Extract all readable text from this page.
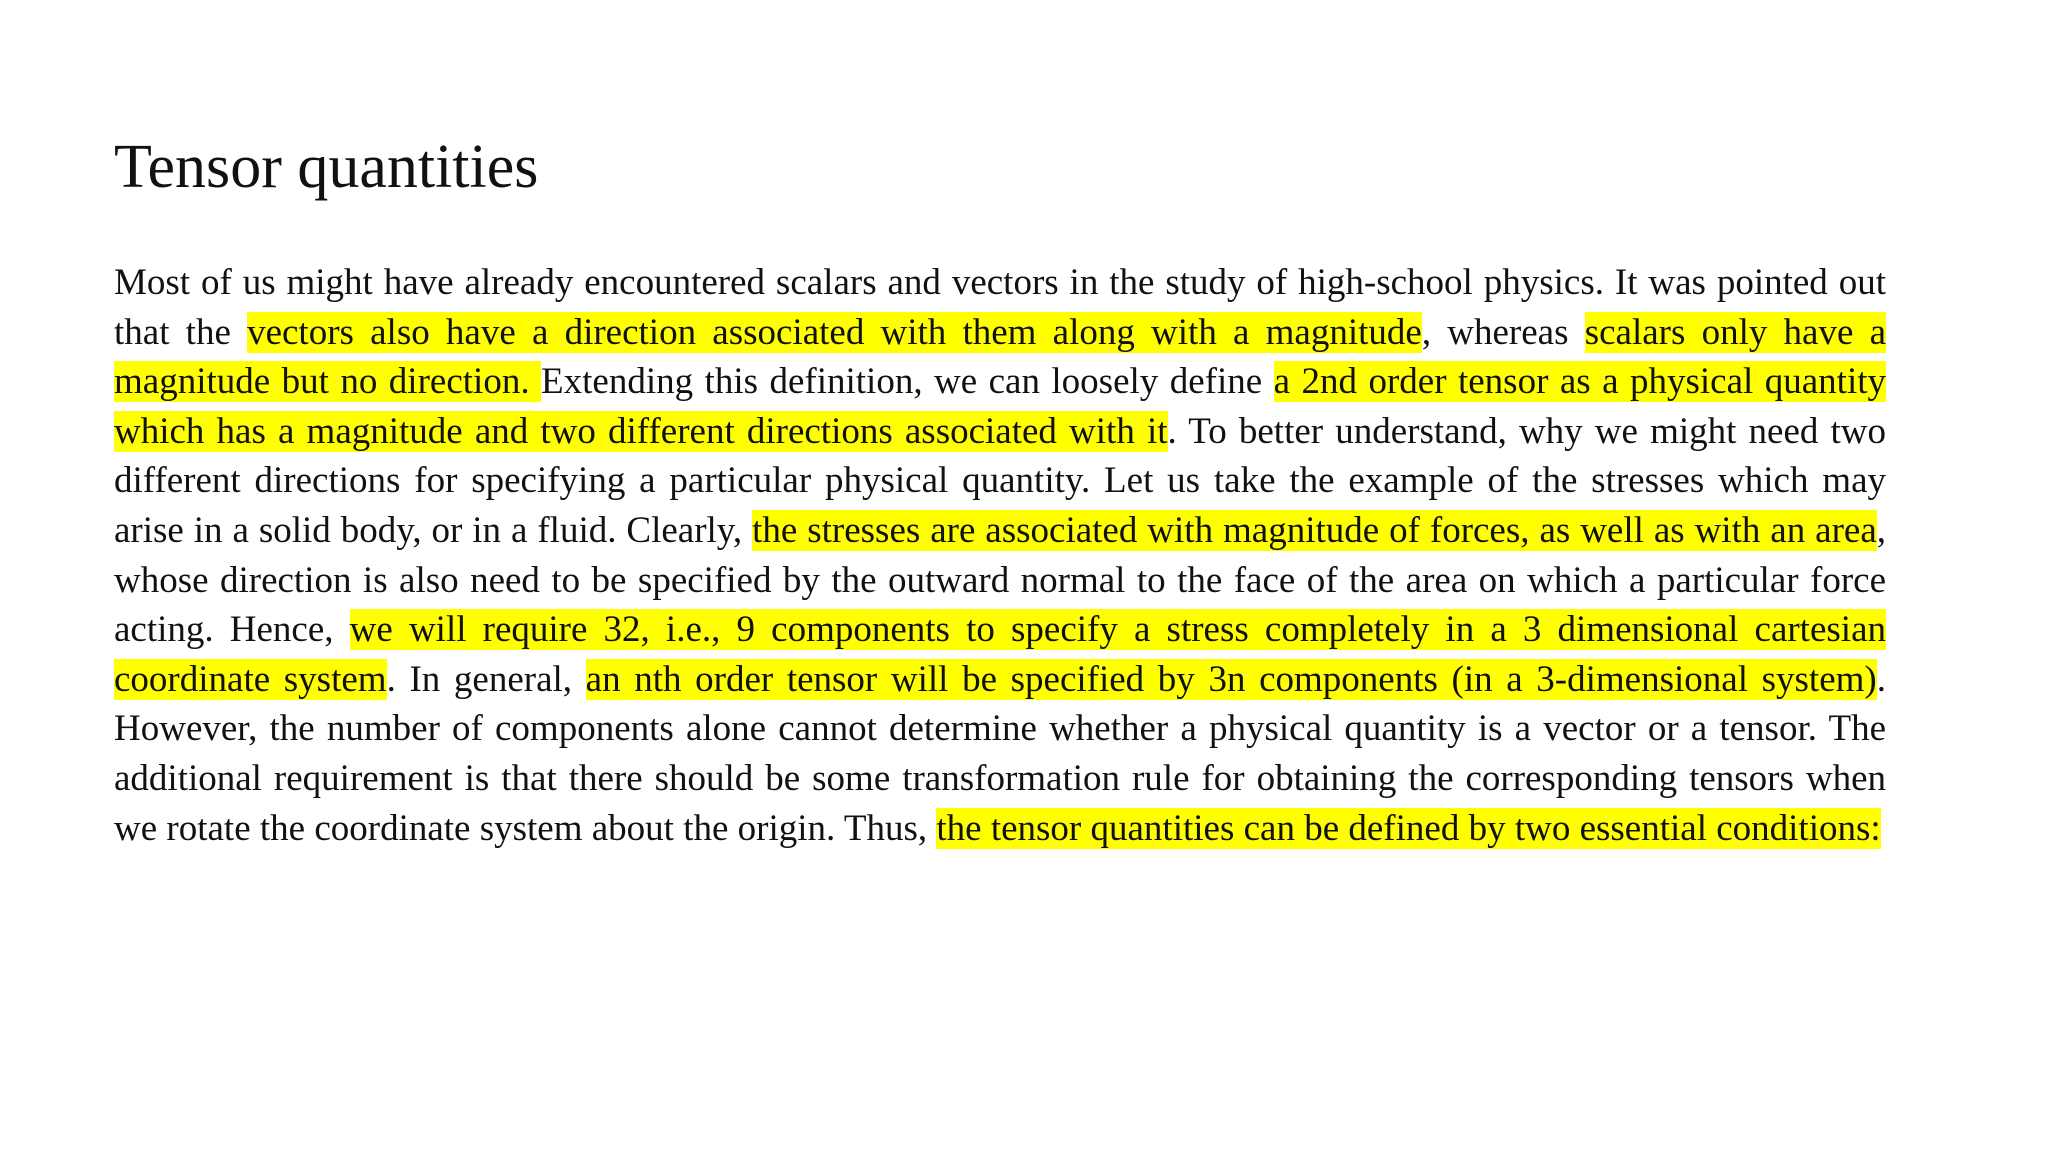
Tensor quantities

Most of us might have already encountered scalars and vectors in the study of high-school physics. It was pointed out that the vectors also have a direction associated with them along with a magnitude, whereas scalars only have a magnitude but no direction. Extending this definition, we can loosely define a 2nd order tensor as a physical quantity which has a magnitude and two different directions associated with it. To better understand, why we might need two different directions for specifying a particular physical quantity. Let us take the example of the stresses which may arise in a solid body, or in a fluid. Clearly, the stresses are associated with magnitude of forces, as well as with an area, whose direction is also need to be specified by the outward normal to the face of the area on which a particular force acting. Hence, we will require 32, i.e., 9 components to specify a stress completely in a 3 dimensional cartesian coordinate system. In general, an nth order tensor will be specified by 3n components (in a 3-dimensional system). However, the number of components alone cannot determine whether a physical quantity is a vector or a tensor. The additional requirement is that there should be some transformation rule for obtaining the corresponding tensors when we rotate the coordinate system about the origin. Thus, the tensor quantities can be defined by two essential conditions:
